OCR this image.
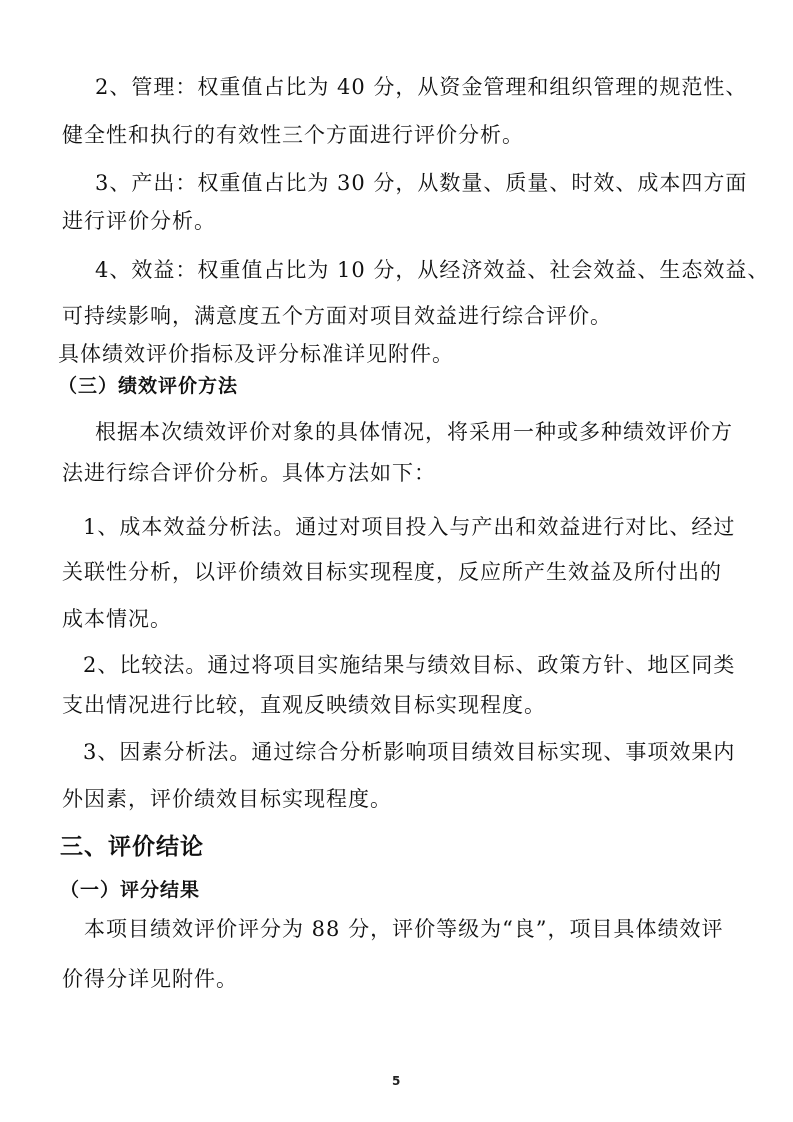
2、管理：权重值占比为 40 分，从资金管理和组织管理的规范性、

健全性和执行的有效性三个方面进行评价分析。

3、产出：权重值占比为 30 分，从数量、质量、时效、成本四方面

进行评价分析。

4、效益：权重值占比为 10 分，从经济效益、社会效益、生态效益、

可持续影响，满意度五个方面对项目效益进行综合评价。

具体绩效评价指标及评分标准详见附件。

（三）绩效评价方法

根据本次绩效评价对象的具体情况，将采用一种或多种绩效评价方

法进行综合评价分析。具体方法如下：

1、成本效益分析法。通过对项目投入与产出和效益进行对比、经过

关联性分析，以评价绩效目标实现程度，反应所产生效益及所付出的

成本情况。

2、比较法。通过将项目实施结果与绩效目标、政策方针、地区同类

支出情况进行比较，直观反映绩效目标实现程度。

3、因素分析法。通过综合分析影响项目绩效目标实现、事项效果内

外因素，评价绩效目标实现程度。

三、评价结论

（一）评分结果

本项目绩效评价评分为 88 分，评价等级为“良”，项目具体绩效评

价得分详见附件。

5
